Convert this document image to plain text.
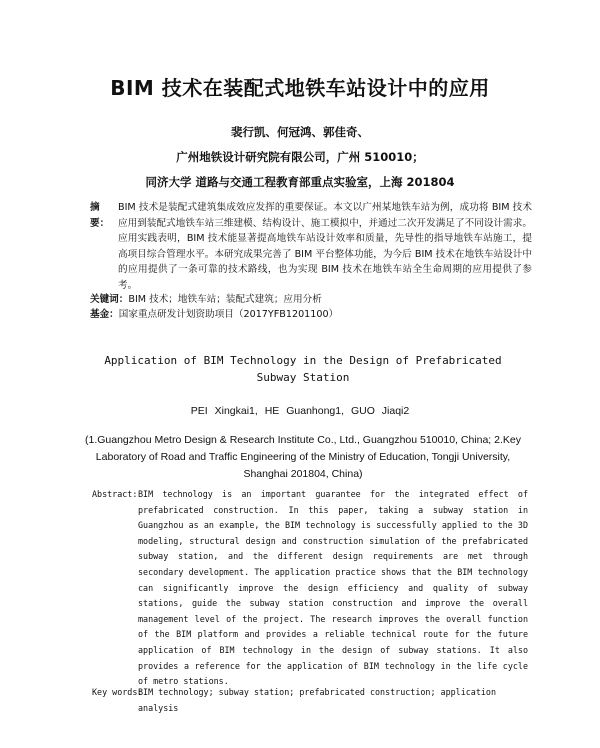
BIM 技术在装配式地铁车站设计中的应用
裴行凯、何冠鸿、郭佳奇、
广州地铁设计研究院有限公司，广州 510010；
同济大学 道路与交通工程教育部重点实验室，上海 201804
摘 要：
BIM 技术是装配式建筑集成效应发挥的重要保证。本文以广州某地铁车站为例，成功将 BIM 技术应用到装配式地铁车站三维建模、结构设计、施工模拟中，并通过二次开发满足了不同设计需求。应用实践表明，BIM 技术能显著提高地铁车站设计效率和质量，先导性的指导地铁车站施工，提高项目综合管理水平。本研究成果完善了 BIM 平台整体功能，为今后 BIM 技术在地铁车站设计中的应用提供了一条可靠的技术路线，也为实现 BIM 技术在地铁车站全生命周期的应用提供了参考。
关键词：BIM 技术；地铁车站；装配式建筑；应用分析
基金：国家重点研发计划资助项目（2017YFB1201100）
Application of BIM Technology in the Design of Prefabricated Subway Station
PEI Xingkai1, HE Guanhong1, GUO Jiaqi2
(1.Guangzhou Metro Design & Research Institute Co., Ltd., Guangzhou 510010, China; 2.Key Laboratory of Road and Traffic Engineering of the Ministry of Education, Tongji University, Shanghai 201804, China)
Abstract: BIM technology is an important guarantee for the integrated effect of prefabricated construction. In this paper, taking a subway station in Guangzhou as an example, the BIM technology is successfully applied to the 3D modeling, structural design and construction simulation of the prefabricated subway station, and the different design requirements are met through secondary development. The application practice shows that the BIM technology can significantly improve the design efficiency and quality of subway stations, guide the subway station construction and improve the overall management level of the project. The research improves the overall function of the BIM platform and provides a reliable technical route for the future application of BIM technology in the design of subway stations. It also provides a reference for the application of BIM technology in the life cycle of metro stations.
Key words:
BIM technology; subway station; prefabricated construction; application analysis
